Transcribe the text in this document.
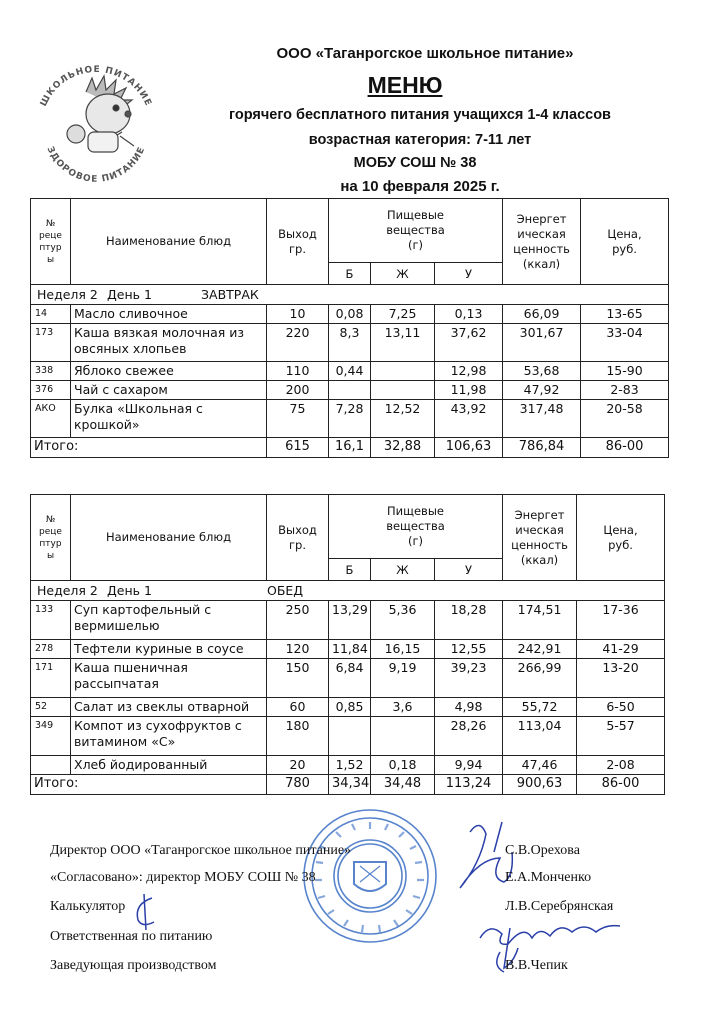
ШКОЛЬНОЕ ПИТАНИЕ
ЗДОРОВОЕ ПИТАНИЕ
ООО «Таганрогское школьное питание»
МЕНЮ
горячего бесплатного питания учащихся 1-4 классов
возрастная категория: 7-11 лет
МОБУ СОШ № 38
на 10 февраля 2025 г.
№
реце
птур
ы	Наименование блюд	Выход
гр.	Пищевые
вещества
(г)			Энергет
ическая
ценность
(ккал)	Цена,
руб.
			Б	Ж	У		
Неделя 2 День 1 ЗАВТРАК							
14	Масло сливочное	10	0,08	7,25	0,13	66,09	13-65
173	Каша вязкая молочная из
овсяных хлопьев	220	8,3	13,11	37,62	301,67	33-04
338	Яблоко свежее	110	0,44		12,98	53,68	15-90
376	Чай с сахаром	200			11,98	47,92	2-83
АКО	Булка «Школьная с
крошкой»	75	7,28	12,52	43,92	317,48	20-58
Итого:		615	16,1	32,88	106,63	786,84	86-00
№
реце
птур
ы	Наименование блюд	Выход
гр.	Пищевые
вещества
(г)			Энергет
ическая
ценность
(ккал)	Цена,
руб.
			Б	Ж	У		
Неделя 2 День 1 ОБЕД							
133	Суп картофельный с
вермишелью	250	13,29	5,36	18,28	174,51	17-36
278	Тефтели куриные в соусе	120	11,84	16,15	12,55	242,91	41-29
171	Каша пшеничная
рассыпчатая	150	6,84	9,19	39,23	266,99	13-20
52	Салат из свеклы отварной	60	0,85	3,6	4,98	55,72	6-50
349	Компот из сухофруктов с
витамином «С»	180			28,26	113,04	5-57

	Хлеб йодированный	20	1,52	0,18	9,94	47,46	2-08
Итого:		780	34,34	34,48	113,24	900,63	86-00
Директор ООО «Таганрогское школьное питание»	С.В.Орехова
«Согласовано»: директор МОБУ СОШ № 38	Е.А.Монченко
Калькулятор	Л.В.Серебрянская
Ответственная по питанию
Заведующая производством	В.В.Чепик
